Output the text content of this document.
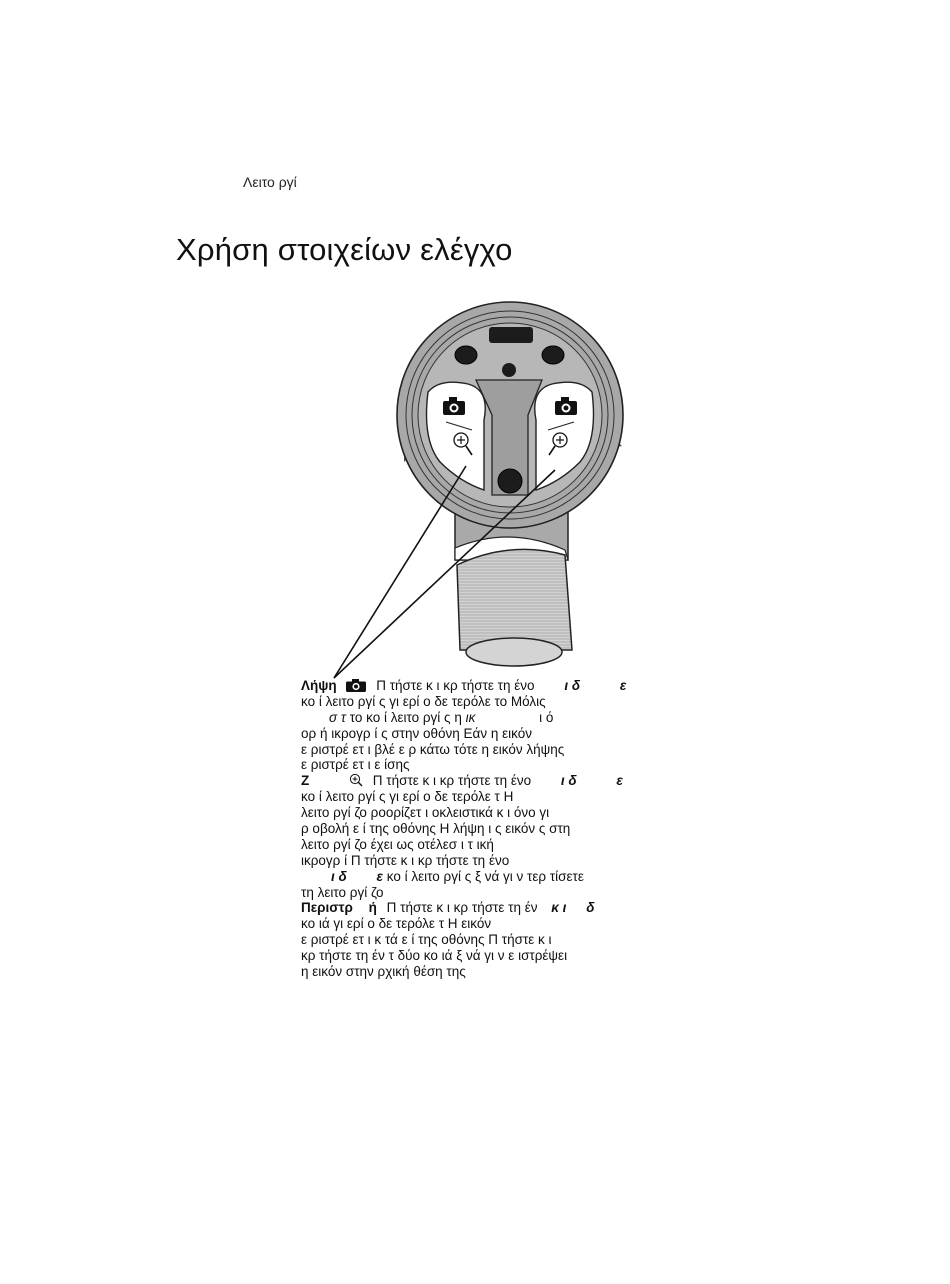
Λειτο ργί
Χρήση στοιχείων ελέγχο
Λήψη	Π τήστε κ ι κρ τήστε τη ένο ι δ	ε
κο ί λειτο ργί ς γι ερί ο δε τερόλε το Μόλις
σ τ το κο ί λειτο ργί ς η ικ	ι ό
ορ ή ικρογρ ί ς στην οθόνη Εάν η εικόν
ε ριστρέ ετ ι βλέ ε ρ κάτω τότε η εικόν λήψης
ε ριστρέ ετ ι ε ίσης
Ζ	Π τήστε κ ι κρ τήστε τη ένο ι δ	ε
κο ί λειτο ργί ς γι ερί ο δε τερόλε τ Η
λειτο ργί ζο ροορίζετ ι οκλειστικά κ ι όνο γι
ρ οβολή ε ί της οθόνης Η λήψη ι ς εικόν ς στη
λειτο ργί ζο έχει ως οτέλεσ ι τ ική
ικρογρ ί Π τήστε κ ι κρ τήστε τη ένο
ι δ ε κο ί λειτο ργί ς ξ νά γι ν τερ τίσετε
τη λειτο ργί ζο
Περιστρ ή Π τήστε κ ι κρ τήστε τη έν κ ι δ
κο ιά γι ερί ο δε τερόλε τ Η εικόν
ε ριστρέ ετ ι κ τά ε ί της οθόνης Π τήστε κ ι
κρ τήστε τη έν τ δύο κο ιά ξ νά γι ν ε ιστρέψει
η εικόν στην ρχική θέση της
